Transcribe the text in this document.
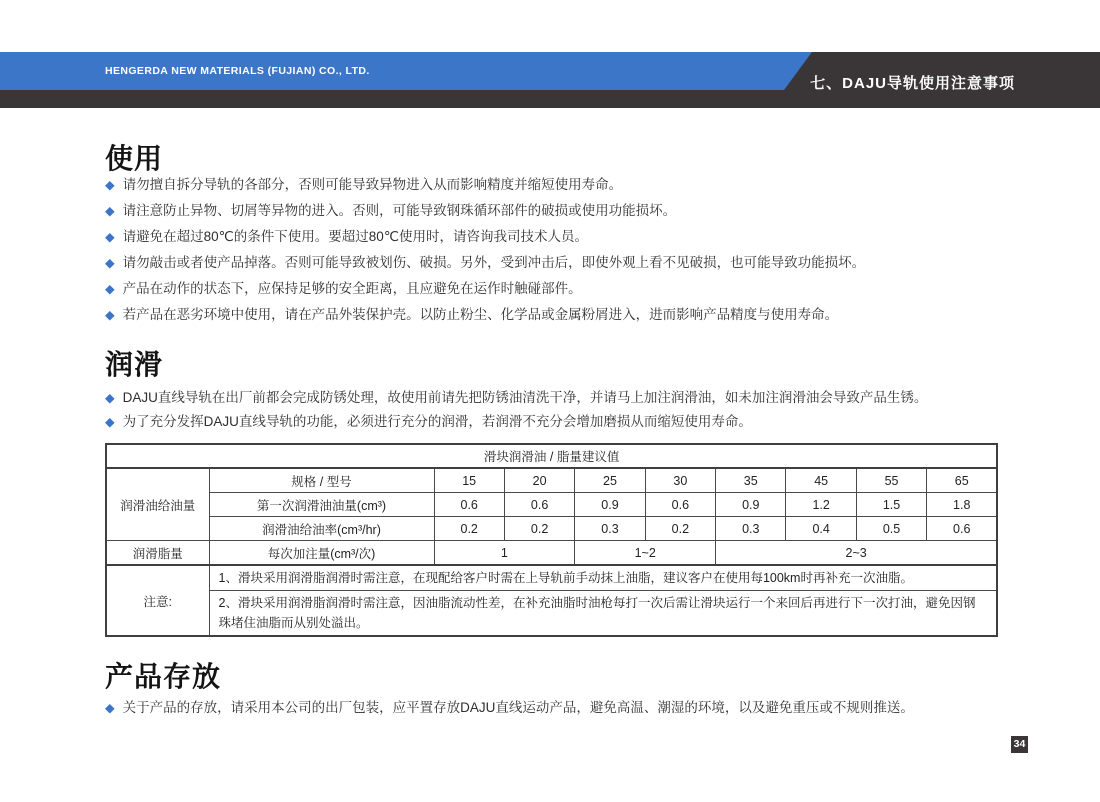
HENGERDA NEW MATERIALS (FUJIAN) CO., LTD.
七、DAJU导轨使用注意事项
使用
◆ 请勿擅自拆分导轨的各部分，否则可能导致异物进入从而影响精度并缩短使用寿命。
◆ 请注意防止异物、切屑等异物的进入。否则，可能导致钢珠循环部件的破损或使用功能损坏。
◆ 请避免在超过80℃的条件下使用。要超过80℃使用时，请咨询我司技术人员。
◆ 请勿敲击或者使产品掉落。否则可能导致被划伤、破损。另外，受到冲击后，即使外观上看不见破损，也可能导致功能损坏。
◆ 产品在动作的状态下，应保持足够的安全距离，且应避免在运作时触碰部件。
◆ 若产品在恶劣环境中使用，请在产品外装保护壳。以防止粉尘、化学品或金属粉屑进入，进而影响产品精度与使用寿命。
润滑
◆ DAJU直线导轨在出厂前都会完成防锈处理，故使用前请先把防锈油清洗干净，并请马上加注润滑油，如未加注润滑油会导致产品生锈。
◆ 为了充分发挥DAJU直线导轨的功能，必须进行充分的润滑，若润滑不充分会增加磨损从而缩短使用寿命。
滑块润滑油 / 脂量建议值									
润滑油给油量	规格 / 型号	15	20	25	30	35	45	55	65
	第一次润滑油油量(cm³)	0.6	0.6	0.9	0.6	0.9	1.2	1.5	1.8
	润滑油给油率(cm³/hr)	0.2	0.2	0.3	0.2	0.3	0.4	0.5	0.6
润滑脂量	每次加注量(cm³/次)	1		1~2		2~3			
注意:	1、滑块采用润滑脂润滑时需注意，在现配给客户时需在上导轨前手动抹上油脂，建议客户在使用每100km时再补充一次油脂。								
	2、滑块采用润滑脂润滑时需注意，因油脂流动性差，在补充油脂时油枪每打一次后需让滑块运行一个来回后再进行下一次打油，避免因钢珠堵住油脂而从别处溢出。								
产品存放
◆ 关于产品的存放，请采用本公司的出厂包装，应平置存放DAJU直线运动产品，避免高温、潮湿的环境，以及避免重压或不规则推送。
34
